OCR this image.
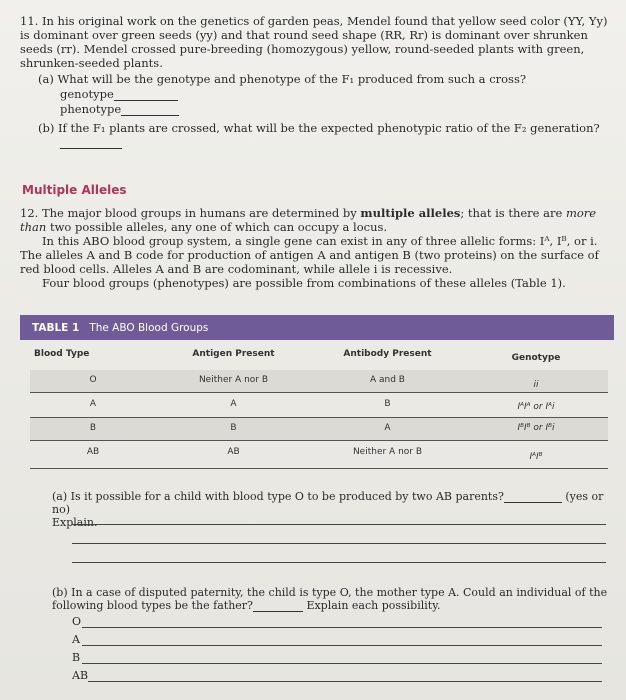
11. In his original work on the genetics of garden peas, Mendel found that yellow seed color (YY, Yy) is dominant over green seeds (yy) and that round seed shape (RR, Rr) is dominant over shrunken seeds (rr). Mendel crossed pure-breeding (homozygous) yellow, round-seeded plants with green, shrunken-seeded plants.

(a) What will be the genotype and phenotype of the F₁ produced from such a cross?
genotype
phenotype
(b) If the F₁ plants are crossed, what will be the expected phenotypic ratio of the F₂ generation?
Multiple Alleles

12. The major blood groups in humans are determined by multiple alleles; that is there are more than two possible alleles, any one of which can occupy a locus.

In this ABO blood group system, a single gene can exist in any of three allelic forms: Iᴬ, Iᴮ, or i. The alleles A and B code for production of antigen A and antigen B (two proteins) on the surface of red blood cells. Alleles A and B are codominant, while allele i is recessive.

Four blood groups (phenotypes) are possible from combinations of these alleles (Table 1).

TABLE 1 The ABO Blood Groups
Blood Type	Antigen Present	Antibody Present	Genotype
O	Neither A nor B	A and B	ii
A	A	B	IᴬIᴬ or Iᴬi
B	B	A	IᴮIᴮ or Iᴮi
AB	AB	Neither A nor B	IᴬIᴮ

(a) Is it possible for a child with blood type O to be produced by two AB parents?	(yes or no)

Explain.

(b) In a case of disputed paternity, the child is type O, the mother type A. Could an individual of the following blood types be the father?	Explain each possibility.

O
A
B
AB
